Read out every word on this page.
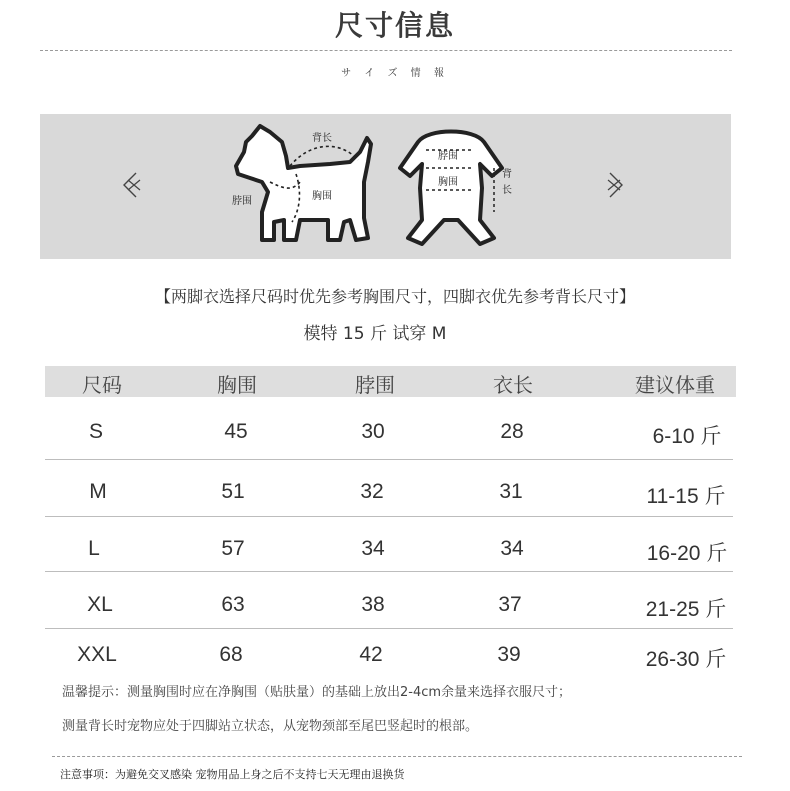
尺寸信息
サ イ ズ 情 報
背长
脖围	胸围
脖围
胸围
背
长
【两脚衣选择尺码时优先参考胸围尺寸，四脚衣优先参考背长尺寸】
模特 15 斤 试穿 M
尺码	胸围	脖围	衣长	建议体重
S	45	30	28	6-10 斤
M	51	32	31	11-15 斤
L	57	34	34	16-20 斤
XL	63	38	37	21-25 斤
XXL	68	42	39	26-30 斤
温馨提示：测量胸围时应在净胸围（贴肤量）的基础上放出2-4cm余量来选择衣服尺寸；
测量背长时宠物应处于四脚站立状态，从宠物颈部至尾巴竖起时的根部。
注意事项：为避免交叉感染 宠物用品上身之后不支持七天无理由退换货
